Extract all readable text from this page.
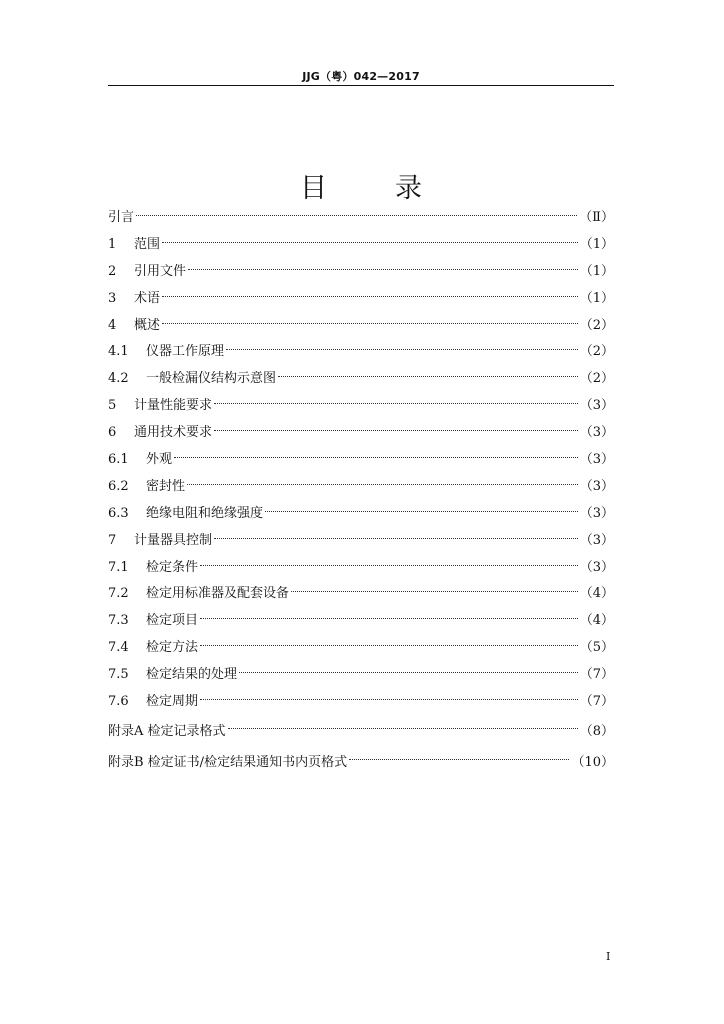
JJG（粤）042—2017
目	录
引言	（Ⅱ）
1	范围	（1）
2	引用文件	（1）
3	术语	（1）
4	概述	（2）
4.1	仪器工作原理	（2）
4.2	一般检漏仪结构示意图	（2）
5	计量性能要求	（3）
6	通用技术要求	（3）
6.1	外观	（3）
6.2	密封性	（3）
6.3	绝缘电阻和绝缘强度	（3）
7	计量器具控制	（3）
7.1	检定条件	（3）
7.2	检定用标准器及配套设备	（4）
7.3	检定项目	（4）
7.4	检定方法	（5）
7.5	检定结果的处理	（7）
7.6	检定周期	（7）
附录A 检定记录格式	（8）
附录B 检定证书/检定结果通知书内页格式	（10）
I
